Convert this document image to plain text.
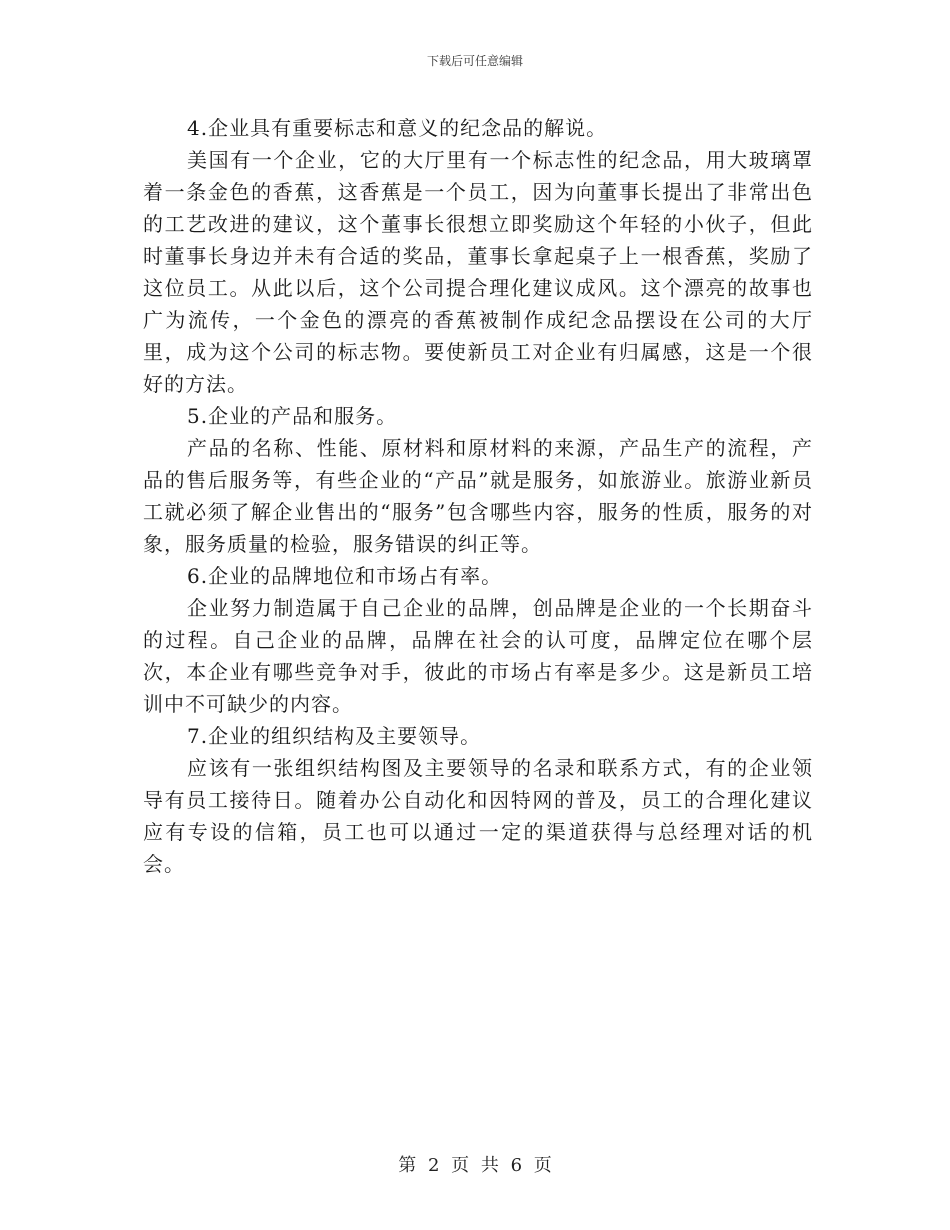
下载后可任意编辑

4.企业具有重要标志和意义的纪念品的解说。

美国有一个企业，它的大厅里有一个标志性的纪念品，用大玻璃罩着一条金色的香蕉，这香蕉是一个员工，因为向董事长提出了非常出色的工艺改进的建议，这个董事长很想立即奖励这个年轻的小伙子，但此时董事长身边并未有合适的奖品，董事长拿起桌子上一根香蕉，奖励了这位员工。从此以后，这个公司提合理化建议成风。这个漂亮的故事也广为流传，一个金色的漂亮的香蕉被制作成纪念品摆设在公司的大厅里，成为这个公司的标志物。要使新员工对企业有归属感，这是一个很好的方法。

5.企业的产品和服务。

产品的名称、性能、原材料和原材料的来源，产品生产的流程，产品的售后服务等，有些企业的“产品”就是服务，如旅游业。旅游业新员工就必须了解企业售出的“服务”包含哪些内容，服务的性质，服务的对象，服务质量的检验，服务错误的纠正等。

6.企业的品牌地位和市场占有率。

企业努力制造属于自己企业的品牌，创品牌是企业的一个长期奋斗的过程。自己企业的品牌，品牌在社会的认可度，品牌定位在哪个层次，本企业有哪些竞争对手，彼此的市场占有率是多少。这是新员工培训中不可缺少的内容。

7.企业的组织结构及主要领导。

应该有一张组织结构图及主要领导的名录和联系方式，有的企业领导有员工接待日。随着办公自动化和因特网的普及，员工的合理化建议应有专设的信箱，员工也可以通过一定的渠道获得与总经理对话的机会。

第 2 页 共 6 页
